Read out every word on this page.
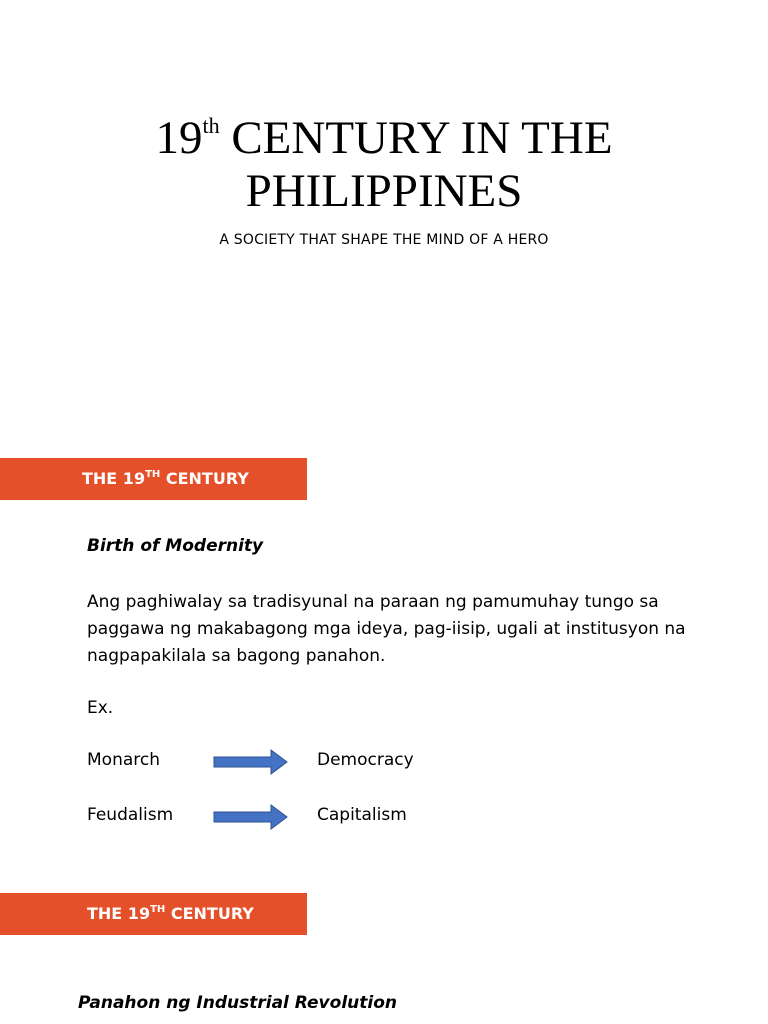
19th CENTURY IN THE
PHILIPPINES
A SOCIETY THAT SHAPE THE MIND OF A HERO
THE 19TH CENTURY
Birth of Modernity
Ang paghiwalay sa tradisyunal na paraan ng pamumuhay tungo sa paggawa ng makabagong mga ideya, pag-iisip, ugali at institusyon na nagpapakilala sa bagong panahon.
Ex.
Monarch	Democracy
Feudalism	Capitalism
THE 19TH CENTURY
Panahon ng Industrial Revolution
